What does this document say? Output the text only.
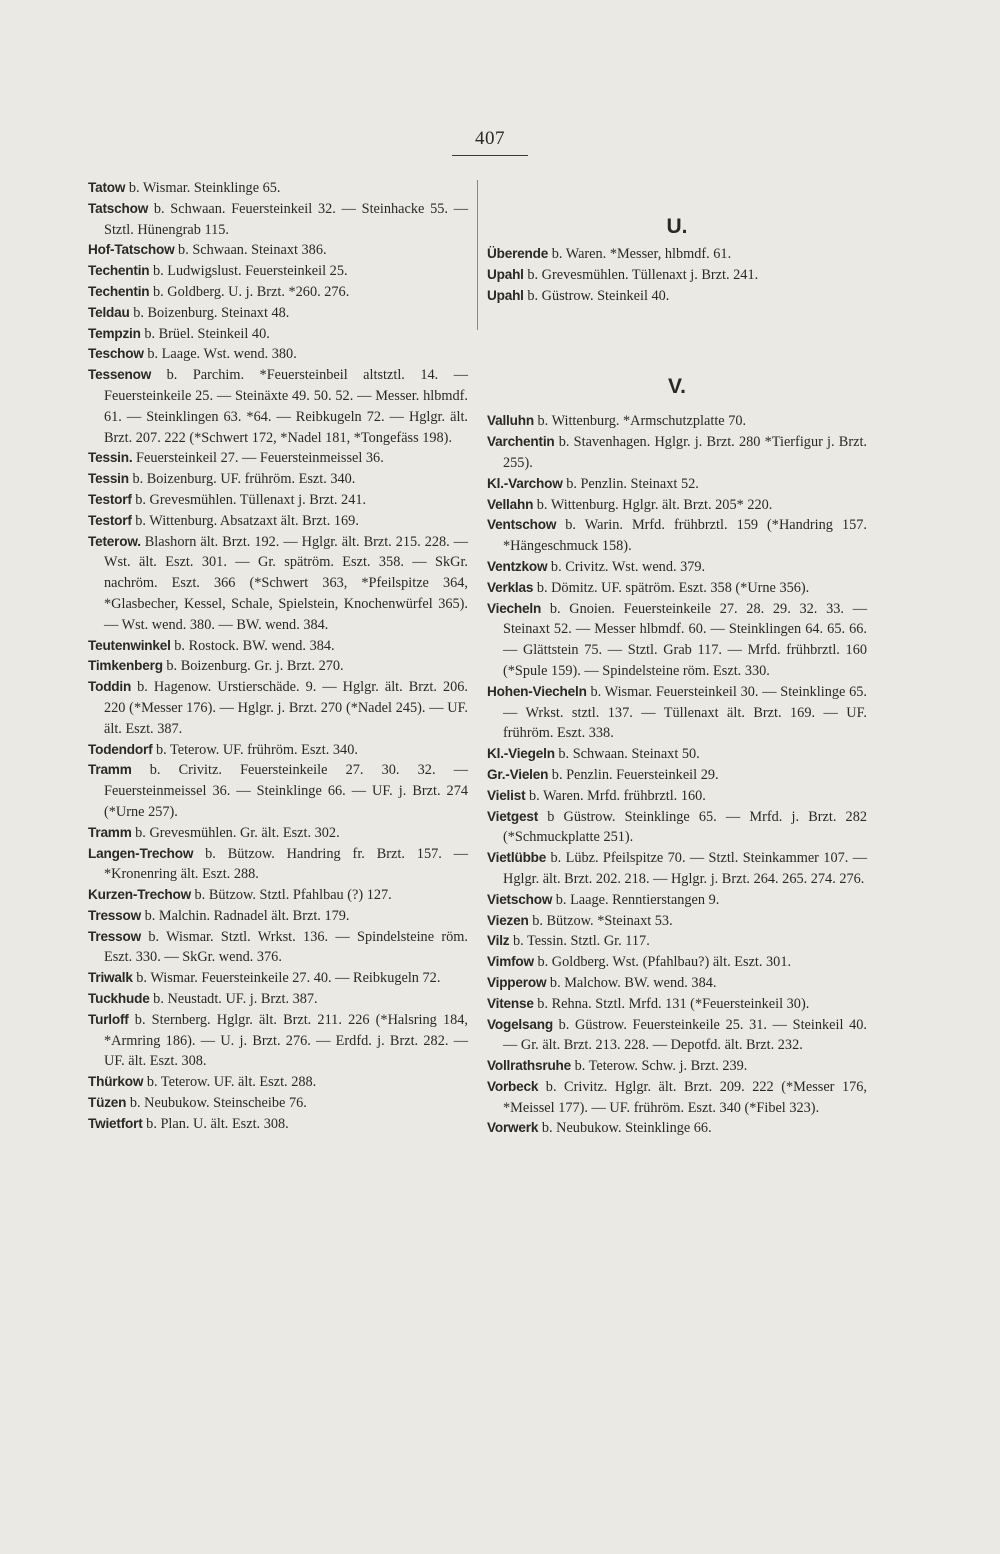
407
Tatow b. Wismar. Steinklinge 65.
Tatschow b. Schwaan. Feuersteinkeil 32. — Steinhacke 55. — Stztl. Hünengrab 115.
Hof-Tatschow b. Schwaan. Steinaxt 386.
Techentin b. Ludwigslust. Feuersteinkeil 25.
Techentin b. Goldberg. U. j. Brzt. *260. 276.
Teldau b. Boizenburg. Steinaxt 48.
Tempzin b. Brüel. Steinkeil 40.
Teschow b. Laage. Wst. wend. 380.
Tessenow b. Parchim. *Feuersteinbeil altstztl. 14. — Feuersteinkeile 25. — Steinäxte 49. 50. 52. — Messer. hlbmdf. 61. — Steinklingen 63. *64. — Reibkugeln 72. — Hglgr. ält. Brzt. 207. 222 (*Schwert 172, *Nadel 181, *Tongefäss 198).
Tessin. Feuersteinkeil 27. — Feuersteinmeissel 36.
Tessin b. Boizenburg. UF. frühröm. Eszt. 340.
Testorf b. Grevesmühlen. Tüllenaxt j. Brzt. 241.
Testorf b. Wittenburg. Absatzaxt ält. Brzt. 169.
Teterow. Blashorn ält. Brzt. 192. — Hglgr. ält. Brzt. 215. 228. — Wst. ält. Eszt. 301. — Gr. spätröm. Eszt. 358. — SkGr. nachröm. Eszt. 366 (*Schwert 363, *Pfeilspitze 364, *Glasbecher, Kessel, Schale, Spielstein, Knochenwürfel 365). — Wst. wend. 380. — BW. wend. 384.
Teutenwinkel b. Rostock. BW. wend. 384.
Timkenberg b. Boizenburg. Gr. j. Brzt. 270.
Toddin b. Hagenow. Urstierschäde. 9. — Hglgr. ält. Brzt. 206. 220 (*Messer 176). — Hglgr. j. Brzt. 270 (*Nadel 245). — UF. ält. Eszt. 387.
Todendorf b. Teterow. UF. frühröm. Eszt. 340.
Tramm b. Crivitz. Feuersteinkeile 27. 30. 32. — Feuersteinmeissel 36. — Steinklinge 66. — UF. j. Brzt. 274 (*Urne 257).
Tramm b. Grevesmühlen. Gr. ält. Eszt. 302.
Langen-Trechow b. Bützow. Handring fr. Brzt. 157. — *Kronenring ält. Eszt. 288.
Kurzen-Trechow b. Bützow. Stztl. Pfahlbau (?) 127.
Tressow b. Malchin. Radnadel ält. Brzt. 179.
Tressow b. Wismar. Stztl. Wrkst. 136. — Spindelsteine röm. Eszt. 330. — SkGr. wend. 376.
Triwalk b. Wismar. Feuersteinkeile 27. 40. — Reibkugeln 72.
Tuckhude b. Neustadt. UF. j. Brzt. 387.
Turloff b. Sternberg. Hglgr. ält. Brzt. 211. 226 (*Halsring 184, *Armring 186). — U. j. Brzt. 276. — Erdfd. j. Brzt. 282. — UF. ält. Eszt. 308.
Thürkow b. Teterow. UF. ält. Eszt. 288.
Tüzen b. Neubukow. Steinscheibe 76.
Twietfort b. Plan. U. ält. Eszt. 308.
U.
Überende b. Waren. *Messer, hlbmdf. 61.
Upahl b. Grevesmühlen. Tüllenaxt j. Brzt. 241.
Upahl b. Güstrow. Steinkeil 40.
V.
Valluhn b. Wittenburg. *Armschutzplatte 70.
Varchentin b. Stavenhagen. Hglgr. j. Brzt. 280 *Tierfigur j. Brzt. 255).
Kl.-Varchow b. Penzlin. Steinaxt 52.
Vellahn b. Wittenburg. Hglgr. ält. Brzt. 205* 220.
Ventschow b. Warin. Mrfd. frühbrztl. 159 (*Handring 157. *Hängeschmuck 158).
Ventzkow b. Crivitz. Wst. wend. 379.
Verklas b. Dömitz. UF. spätröm. Eszt. 358 (*Urne 356).
Viecheln b. Gnoien. Feuersteinkeile 27. 28. 29. 32. 33. — Steinaxt 52. — Messer hlbmdf. 60. — Steinklingen 64. 65. 66. — Glättstein 75. — Stztl. Grab 117. — Mrfd. frühbrztl. 160 (*Spule 159). — Spindelsteine röm. Eszt. 330.
Hohen-Viecheln b. Wismar. Feuersteinkeil 30. — Steinklinge 65. — Wrkst. stztl. 137. — Tüllenaxt ält. Brzt. 169. — UF. frühröm. Eszt. 338.
Kl.-Viegeln b. Schwaan. Steinaxt 50.
Gr.-Vielen b. Penzlin. Feuersteinkeil 29.
Vielist b. Waren. Mrfd. frühbrztl. 160.
Vietgest b Güstrow. Steinklinge 65. — Mrfd. j. Brzt. 282 (*Schmuckplatte 251).
Vietlübbe b. Lübz. Pfeilspitze 70. — Stztl. Steinkammer 107. — Hglgr. ält. Brzt. 202. 218. — Hglgr. j. Brzt. 264. 265. 274. 276.
Vietschow b. Laage. Renntierstangen 9.
Viezen b. Bützow. *Steinaxt 53.
Vilz b. Tessin. Stztl. Gr. 117.
Vimfow b. Goldberg. Wst. (Pfahlbau?) ält. Eszt. 301.
Vipperow b. Malchow. BW. wend. 384.
Vitense b. Rehna. Stztl. Mrfd. 131 (*Feuersteinkeil 30).
Vogelsang b. Güstrow. Feuersteinkeile 25. 31. — Steinkeil 40. — Gr. ält. Brzt. 213. 228. — Depotfd. ält. Brzt. 232.
Vollrathsruhe b. Teterow. Schw. j. Brzt. 239.
Vorbeck b. Crivitz. Hglgr. ält. Brzt. 209. 222 (*Messer 176, *Meissel 177). — UF. frühröm. Eszt. 340 (*Fibel 323).
Vorwerk b. Neubukow. Steinklinge 66.
